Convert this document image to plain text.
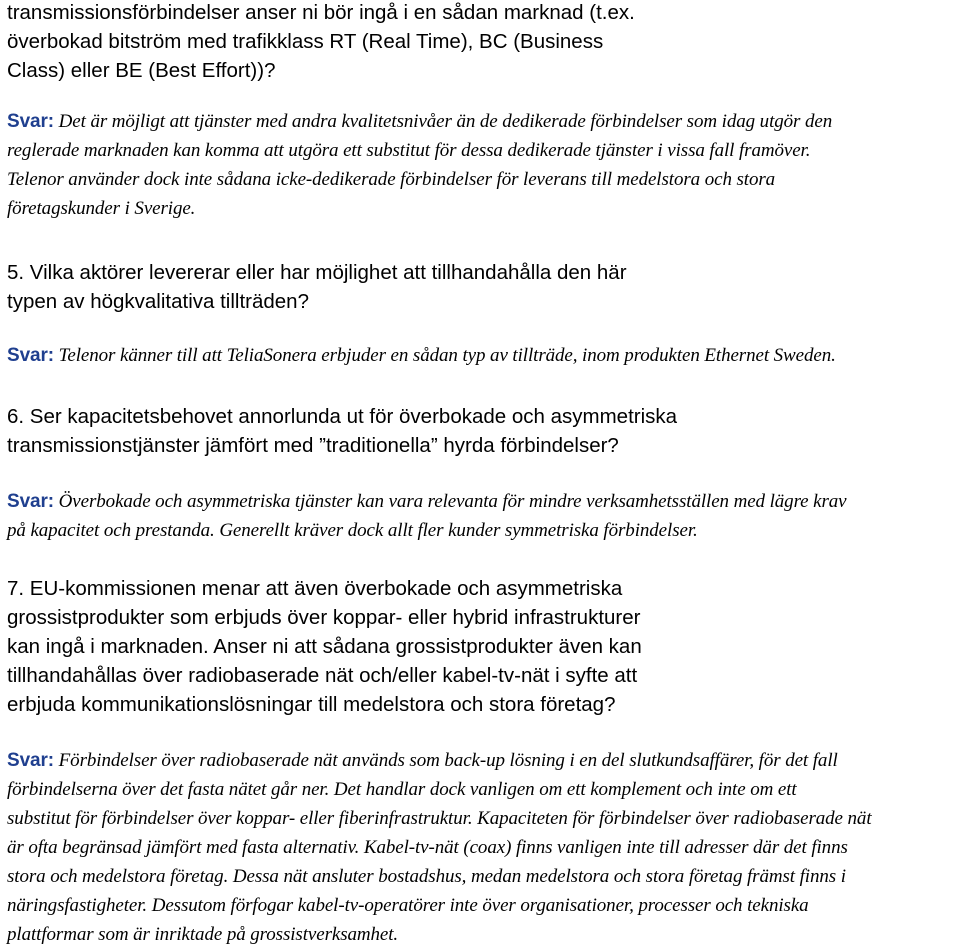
transmissionsförbindelser anser ni bör ingå i en sådan marknad (t.ex.
överbokad bitström med trafikklass RT (Real Time), BC (Business
Class) eller BE (Best Effort))?

Svar: Det är möjligt att tjänster med andra kvalitetsnivåer än de dedikerade förbindelser som idag utgör den
reglerade marknaden kan komma att utgöra ett substitut för dessa dedikerade tjänster i vissa fall framöver.
Telenor använder dock inte sådana icke-dedikerade förbindelser för leverans till medelstora och stora
företagskunder i Sverige.

5. Vilka aktörer levererar eller har möjlighet att tillhandahålla den här
typen av högkvalitativa tillträden?

Svar: Telenor känner till att TeliaSonera erbjuder en sådan typ av tillträde, inom produkten Ethernet Sweden.

6. Ser kapacitetsbehovet annorlunda ut för överbokade och asymmetriska
transmissionstjänster jämfört med ”traditionella” hyrda förbindelser?

Svar: Överbokade och asymmetriska tjänster kan vara relevanta för mindre verksamhetsställen med lägre krav
på kapacitet och prestanda. Generellt kräver dock allt fler kunder symmetriska förbindelser.

7. EU-kommissionen menar att även överbokade och asymmetriska
grossistprodukter som erbjuds över koppar- eller hybrid infrastrukturer
kan ingå i marknaden. Anser ni att sådana grossistprodukter även kan
tillhandahållas över radiobaserade nät och/eller kabel-tv-nät i syfte att
erbjuda kommunikationslösningar till medelstora och stora företag?

Svar: Förbindelser över radiobaserade nät används som back-up lösning i en del slutkundsaffärer, för det fall
förbindelserna över det fasta nätet går ner. Det handlar dock vanligen om ett komplement och inte om ett
substitut för förbindelser över koppar- eller fiberinfrastruktur. Kapaciteten för förbindelser över radiobaserade nät
är ofta begränsad jämfört med fasta alternativ. Kabel-tv-nät (coax) finns vanligen inte till adresser där det finns
stora och medelstora företag. Dessa nät ansluter bostadshus, medan medelstora och stora företag främst finns i
näringsfastigheter. Dessutom förfogar kabel-tv-operatörer inte över organisationer, processer och tekniska
plattformar som är inriktade på grossistverksamhet.
